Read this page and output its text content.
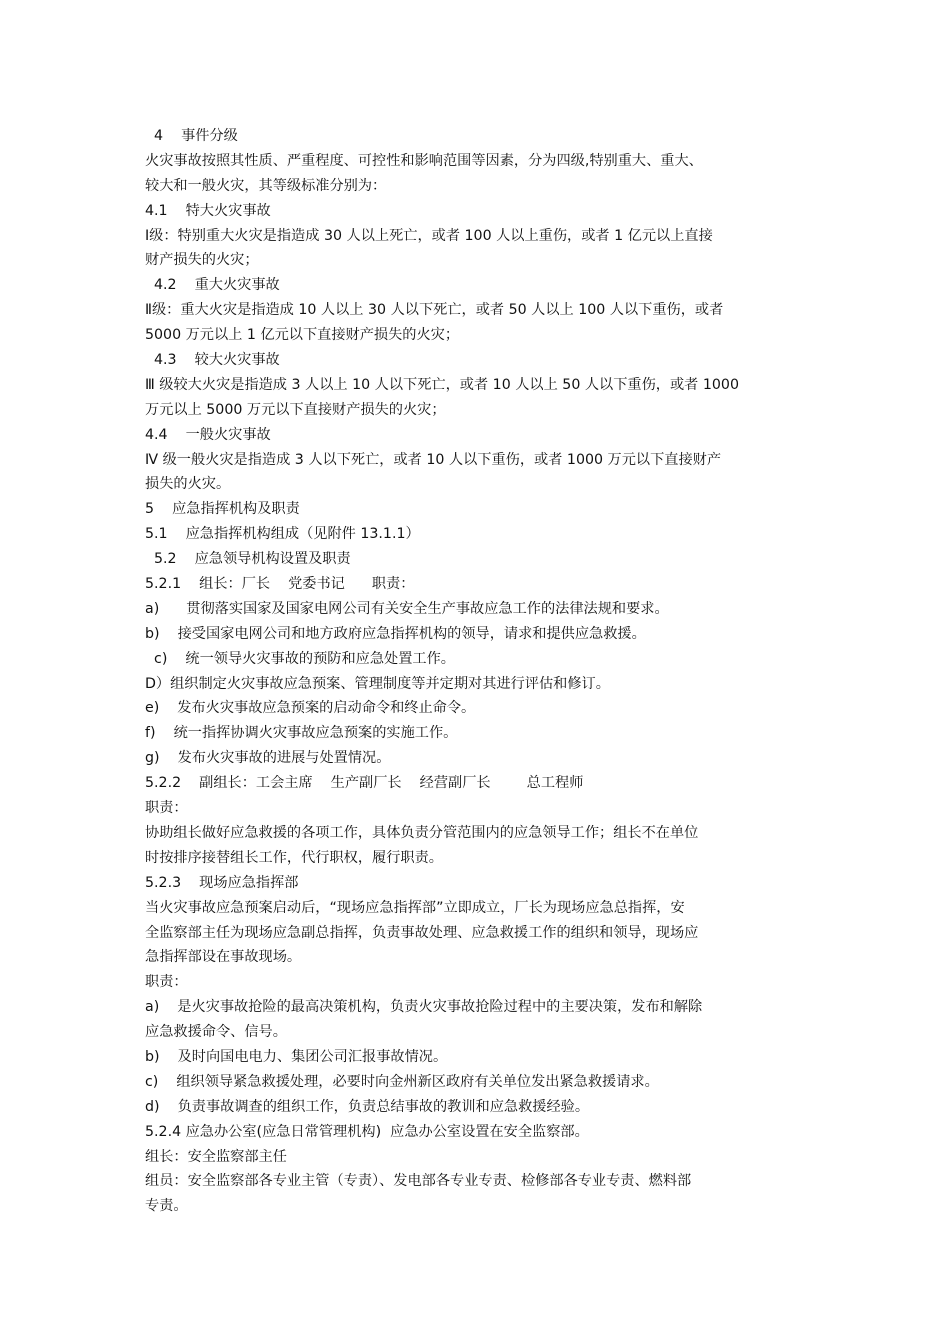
4    事件分级
火灾事故按照其性质、严重程度、可控性和影响范围等因素，分为四级,特别重大、重大、
较大和一般火灾，其等级标准分别为：
4.1    特大火灾事故
Ⅰ级：特别重大火灾是指造成 30 人以上死亡，或者 100 人以上重伤，或者 1 亿元以上直接
财产损失的火灾；
4.2    重大火灾事故
Ⅱ级：重大火灾是指造成 10 人以上 30 人以下死亡，或者 50 人以上 100 人以下重伤，或者
5000 万元以上 1 亿元以下直接财产损失的火灾；
4.3    较大火灾事故
Ⅲ 级较大火灾是指造成 3 人以上 10 人以下死亡，或者 10 人以上 50 人以下重伤，或者 1000
万元以上 5000 万元以下直接财产损失的火灾；
4.4    一般火灾事故
Ⅳ 级一般火灾是指造成 3 人以下死亡，或者 10 人以下重伤，或者 1000 万元以下直接财产
损失的火灾。
5    应急指挥机构及职责
5.1    应急指挥机构组成（见附件 13.1.1）
5.2    应急领导机构设置及职责
5.2.1    组长：厂长    党委书记      职责：
a)      贯彻落实国家及国家电网公司有关安全生产事故应急工作的法律法规和要求。
b)    接受国家电网公司和地方政府应急指挥机构的领导，请求和提供应急救援。
c)    统一领导火灾事故的预防和应急处置工作。
D）组织制定火灾事故应急预案、管理制度等并定期对其进行评估和修订。
e)    发布火灾事故应急预案的启动命令和终止命令。
f)    统一指挥协调火灾事故应急预案的实施工作。
g)    发布火灾事故的进展与处置情况。
5.2.2    副组长：工会主席    生产副厂长    经营副厂长        总工程师
职责：
协助组长做好应急救援的各项工作，具体负责分管范围内的应急领导工作；组长不在单位
时按排序接替组长工作，代行职权，履行职责。
5.2.3    现场应急指挥部
当火灾事故应急预案启动后，“现场应急指挥部”立即成立，厂长为现场应急总指挥，安
全监察部主任为现场应急副总指挥，负责事故处理、应急救援工作的组织和领导，现场应
急指挥部设在事故现场。
职责：
a)    是火灾事故抢险的最高决策机构，负责火灾事故抢险过程中的主要决策，发布和解除
应急救援命令、信号。
b)    及时向国电电力、集团公司汇报事故情况。
c)    组织领导紧急救援处理，必要时向金州新区政府有关单位发出紧急救援请求。
d)    负责事故调查的组织工作，负责总结事故的教训和应急救援经验。
5.2.4 应急办公室(应急日常管理机构)  应急办公室设置在安全监察部。
组长：安全监察部主任
组员：安全监察部各专业主管（专责）、发电部各专业专责、检修部各专业专责、燃料部
专责。
